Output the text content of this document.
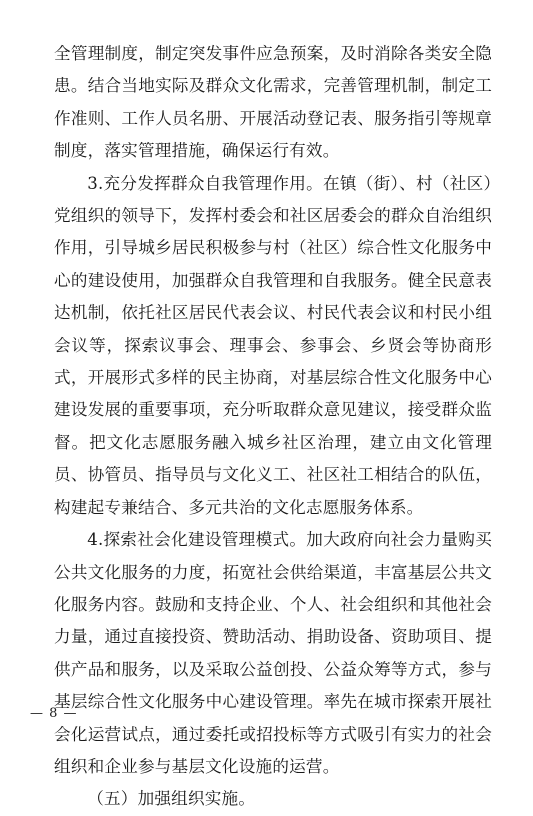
全管理制度，制定突发事件应急预案，及时消除各类安全隐患。结合当地实际及群众文化需求，完善管理机制，制定工作准则、工作人员名册、开展活动登记表、服务指引等规章制度，落实管理措施，确保运行有效。

3.充分发挥群众自我管理作用。在镇（街）、村（社区）党组织的领导下，发挥村委会和社区居委会的群众自治组织作用，引导城乡居民积极参与村（社区）综合性文化服务中心的建设使用，加强群众自我管理和自我服务。健全民意表达机制，依托社区居民代表会议、村民代表会议和村民小组会议等，探索议事会、理事会、参事会、乡贤会等协商形式，开展形式多样的民主协商，对基层综合性文化服务中心建设发展的重要事项，充分听取群众意见建议，接受群众监督。把文化志愿服务融入城乡社区治理，建立由文化管理员、协管员、指导员与文化义工、社区社工相结合的队伍，构建起专兼结合、多元共治的文化志愿服务体系。

4.探索社会化建设管理模式。加大政府向社会力量购买公共文化服务的力度，拓宽社会供给渠道，丰富基层公共文化服务内容。鼓励和支持企业、个人、社会组织和其他社会力量，通过直接投资、赞助活动、捐助设备、资助项目、提供产品和服务，以及采取公益创投、公益众筹等方式，参与基层综合性文化服务中心建设管理。率先在城市探索开展社会化运营试点，通过委托或招投标等方式吸引有实力的社会组织和企业参与基层文化设施的运营。

（五）加强组织实施。

— 8 —
